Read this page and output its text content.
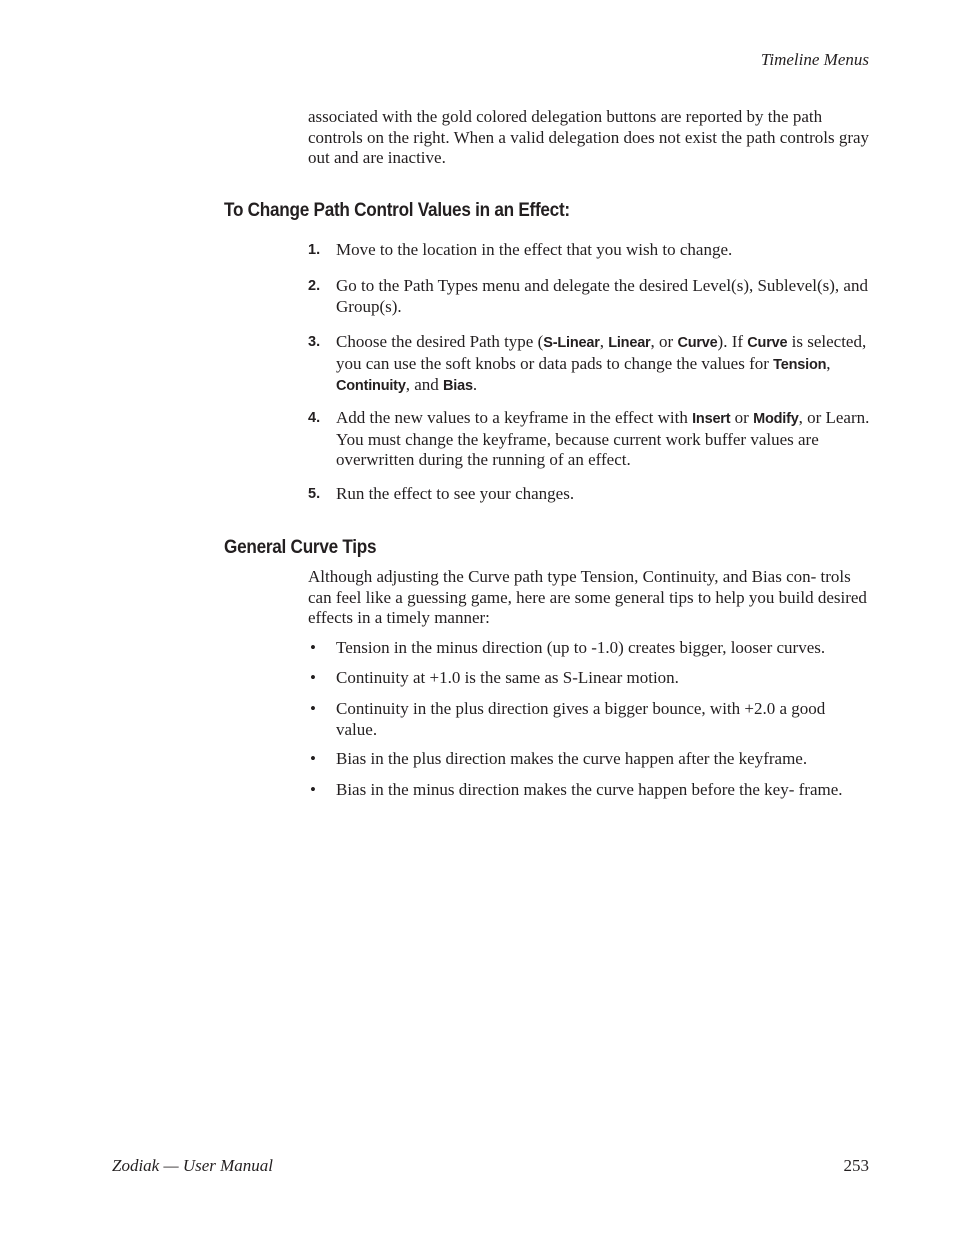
Timeline Menus
associated with the gold colored delegation buttons are reported by the path controls on the right. When a valid delegation does not exist the path controls gray out and are inactive.
To Change Path Control Values in an Effect:
1. Move to the location in the effect that you wish to change.
2. Go to the Path Types menu and delegate the desired Level(s), Sublevel(s), and Group(s).
3. Choose the desired Path type (S-Linear, Linear, or Curve). If Curve is selected, you can use the soft knobs or data pads to change the values for Tension, Continuity, and Bias.
4. Add the new values to a keyframe in the effect with Insert or Modify, or Learn. You must change the keyframe, because current work buffer values are overwritten during the running of an effect.
5. Run the effect to see your changes.
General Curve Tips
Although adjusting the Curve path type Tension, Continuity, and Bias con- trols can feel like a guessing game, here are some general tips to help you build desired effects in a timely manner:
• Tension in the minus direction (up to -1.0) creates bigger, looser curves.
• Continuity at +1.0 is the same as S-Linear motion.
• Continuity in the plus direction gives a bigger bounce, with +2.0 a good value.
• Bias in the plus direction makes the curve happen after the keyframe.
• Bias in the minus direction makes the curve happen before the key- frame.
Zodiak — User Manual	253
